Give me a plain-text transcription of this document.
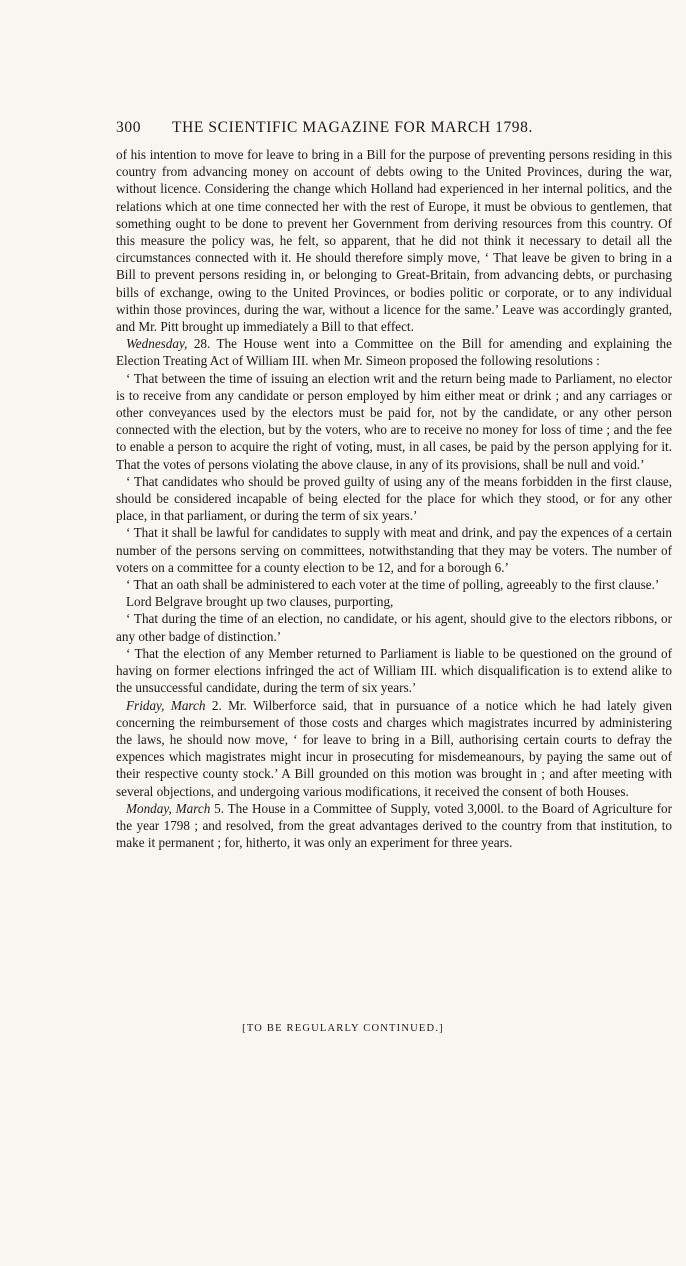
300 THE SCIENTIFIC MAGAZINE FOR MARCH 1798.

of his intention to move for leave to bring in a Bill for the purpose of preventing persons residing in this country from advancing money on account of debts owing to the United Provinces, during the war, without licence. Considering the change which Holland had experienced in her internal politics, and the relations which at one time connected her with the rest of Europe, it must be obvious to gentlemen, that something ought to be done to prevent her Government from deriving resources from this country. Of this measure the policy was, he felt, so apparent, that he did not think it necessary to detail all the circumstances connected with it. He should therefore simply move, ‘ That leave be given to bring in a Bill to prevent persons residing in, or belonging to Great-Britain, from advancing debts, or purchasing bills of exchange, owing to the United Provinces, or bodies politic or corporate, or to any individual within those provinces, during the war, without a licence for the same.’ Leave was accordingly granted, and Mr. Pitt brought up immediately a Bill to that effect.

Wednesday, 28. The House went into a Committee on the Bill for amending and explaining the Election Treating Act of William III. when Mr. Simeon proposed the following resolutions :

‘ That between the time of issuing an election writ and the return being made to Parliament, no elector is to receive from any candidate or person employed by him either meat or drink ; and any carriages or other conveyances used by the electors must be paid for, not by the candidate, or any other person connected with the election, but by the voters, who are to receive no money for loss of time ; and the fee to enable a person to acquire the right of voting, must, in all cases, be paid by the person applying for it. That the votes of persons violating the above clause, in any of its provisions, shall be null and void.’

‘ That candidates who should be proved guilty of using any of the means forbidden in the first clause, should be considered incapable of being elected for the place for which they stood, or for any other place, in that parliament, or during the term of six years.’

‘ That it shall be lawful for candidates to supply with meat and drink, and pay the expences of a certain number of the persons serving on committees, notwithstanding that they may be voters. The number of voters on a committee for a county election to be 12, and for a borough 6.’

‘ That an oath shall be administered to each voter at the time of polling, agreeably to the first clause.’

Lord Belgrave brought up two clauses, purporting,

‘ That during the time of an election, no candidate, or his agent, should give to the electors ribbons, or any other badge of distinction.’

‘ That the election of any Member returned to Parliament is liable to be questioned on the ground of having on former elections infringed the act of William III. which disqualification is to extend alike to the unsuccessful candidate, during the term of six years.’

Friday, March 2. Mr. Wilberforce said, that in pursuance of a notice which he had lately given concerning the reimbursement of those costs and charges which magistrates incurred by administering the laws, he should now move, ‘ for leave to bring in a Bill, authorising certain courts to defray the expences which magistrates might incur in prosecuting for misdemeanours, by paying the same out of their respective county stock.’ A Bill grounded on this motion was brought in ; and after meeting with several objections, and undergoing various modifications, it received the consent of both Houses.

Monday, March 5. The House in a Committee of Supply, voted 3,000l. to the Board of Agriculture for the year 1798 ; and resolved, from the great advantages derived to the country from that institution, to make it permanent ; for, hitherto, it was only an experiment for three years.

[TO BE REGULARLY CONTINUED.]
